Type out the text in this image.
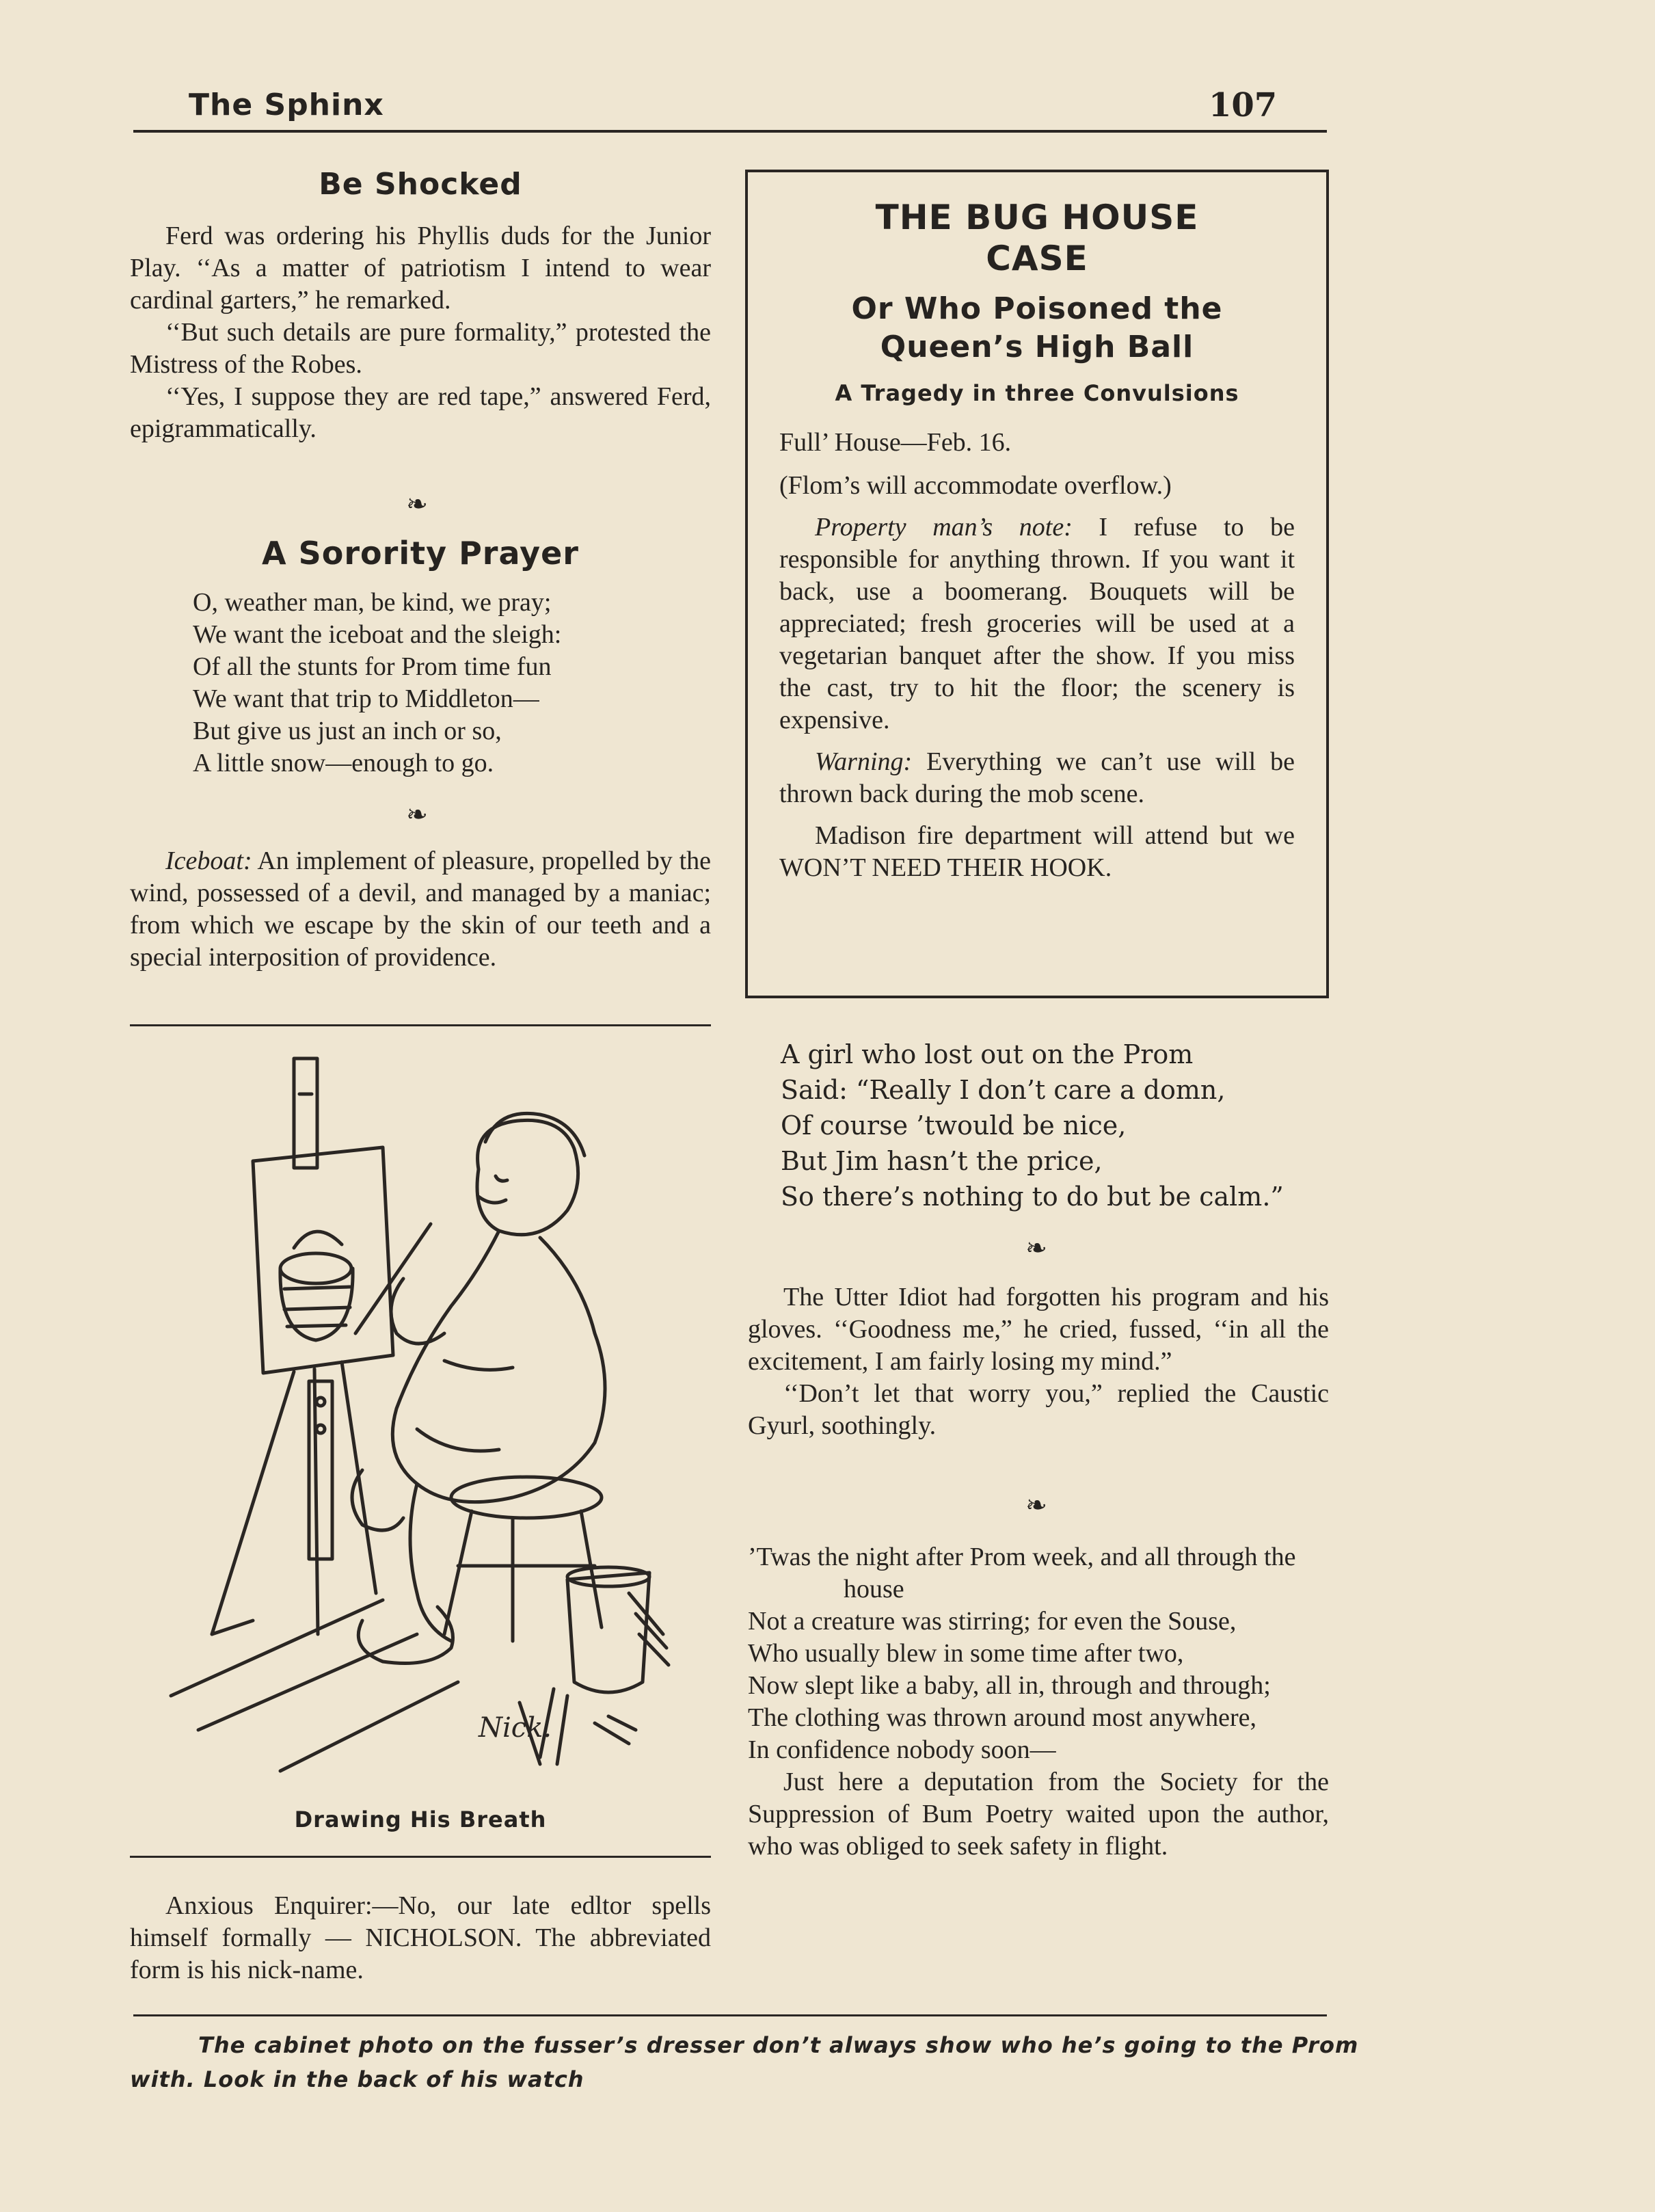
The Sphinx	107
Be Shocked

Ferd was ordering his Phyllis duds for the Junior Play. ‘‘As a matter of patriotism I intend to wear cardinal garters,” he remarked.

‘‘But such details are pure formality,” protested the Mistress of the Robes.

‘‘Yes, I suppose they are red tape,” answered Ferd, epigrammatically.

❧
A Sorority Prayer
O, weather man, be kind, we pray;
We want the iceboat and the sleigh:
Of all the stunts for Prom time fun
We want that trip to Middleton—
But give us just an inch or so,
A little snow—enough to go.
❧

Iceboat: An implement of pleasure, propelled by the wind, possessed of a devil, and managed by a maniac; from which we escape by the skin of our teeth and a special interposition of providence.

Nick.
Drawing His Breath

Anxious Enquirer:—No, our late edltor spells himself formally — NICHOLSON. The abbreviated form is his nick-name.

THE BUG HOUSE
CASE
Or Who Poisoned the
Queen’s High Ball
A Tragedy in three Convulsions

Full’ House—Feb. 16.

(Flom’s will accommodate overflow.)

Property man’s note: I refuse to be responsible for anything thrown. If you want it back, use a boomerang. Bouquets will be appreciated; fresh groceries will be used at a vegetarian banquet after the show. If you miss the cast, try to hit the floor; the scenery is expensive.

Warning: Everything we can’t use will be thrown back during the mob scene.

Madison fire department will attend but we WON’T NEED THEIR HOOK.

A girl who lost out on the Prom
Said: “Really I don’t care a domn,
Of course ’twould be nice,
But Jim hasn’t the price,
So there’s nothing to do but be calm.”
❧

The Utter Idiot had forgotten his program and his gloves. ‘‘Goodness me,” he cried, fussed, ‘‘in all the excitement, I am fairly losing my mind.”

‘‘Don’t let that worry you,” replied the Caustic Gyurl, soothingly.

❧

’Twas the night after Prom week, and all through the house

Not a creature was stirring; for even the Souse,

Who usually blew in some time after two,

Now slept like a baby, all in, through and through;

The clothing was thrown around most anywhere,

In confidence nobody soon—

Just here a deputation from the Society for the Suppression of Bum Poetry waited upon the author, who was obliged to seek safety in flight.

The cabinet photo on the fusser’s dresser don’t always show who he’s going to the Prom
with. Look in the back of his watch
